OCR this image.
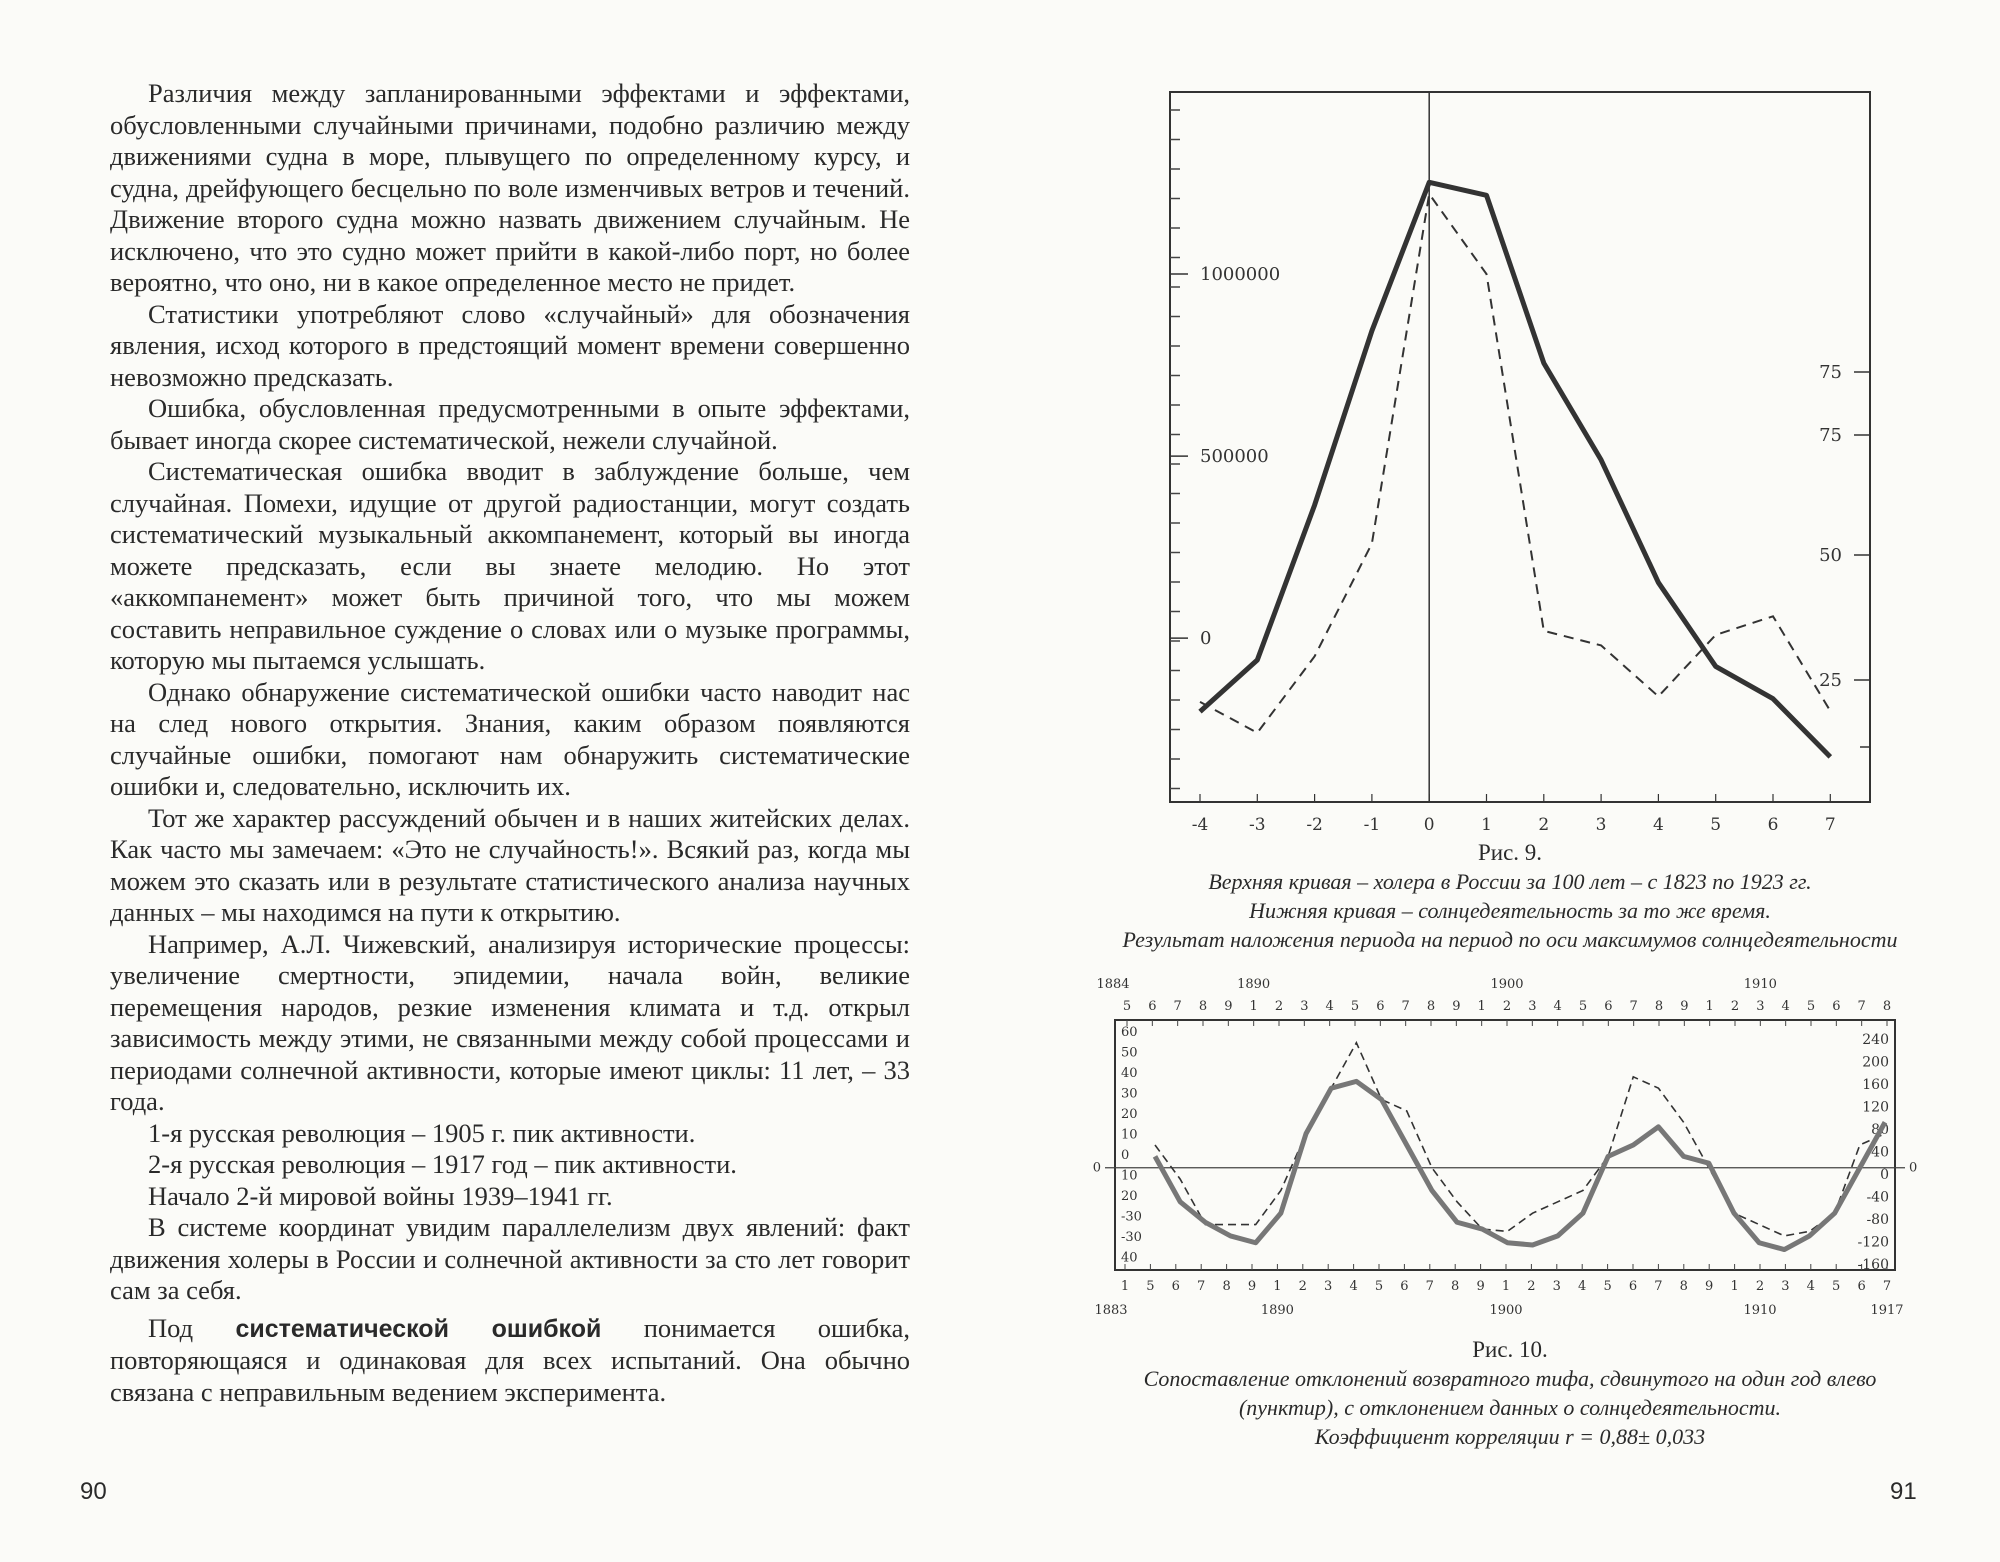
Различия между запланированными эффектами и эффектами, обусловленными случайными причинами, подобно различию между движениями судна в море, плывущего по определенному курсу, и судна, дрейфующего бесцельно по воле изменчивых ветров и течений. Движение второго судна можно назвать движением случайным. Не исключено, что это судно может прийти в какой-либо порт, но более вероятно, что оно, ни в какое определенное место не придет.

Статистики употребляют слово «случайный» для обозначения явления, исход которого в предстоящий момент времени совершенно невозможно предсказать.

Ошибка, обусловленная предусмотренными в опыте эффектами, бывает иногда скорее систематической, нежели случайной.

Систематическая ошибка вводит в заблуждение больше, чем случайная. Помехи, идущие от другой радиостанции, могут создать систематический музыкальный аккомпанемент, который вы иногда можете предсказать, если вы знаете мелодию. Но этот «аккомпанемент» может быть причиной того, что мы можем составить неправильное суждение о словах или о музыке программы, которую мы пытаемся услышать.

Однако обнаружение систематической ошибки часто наводит нас на след нового открытия. Знания, каким образом появляются случайные ошибки, помогают нам обнаружить систематические ошибки и, следовательно, исключить их.

Тот же характер рассуждений обычен и в наших житейских делах. Как часто мы замечаем: «Это не случайность!». Всякий раз, когда мы можем это сказать или в результате статистического анализа научных данных – мы находимся на пути к открытию.

Например, А.Л. Чижевский, анализируя исторические процессы: увеличение смертности, эпидемии, начала войн, великие перемещения народов, резкие изменения климата и т.д. открыл зависимость между этими, не связанными между собой процессами и периодами солнечной активности, которые имеют циклы: 11 лет, – 33 года.

1-я русская революция – 1905 г. пик активности.

2-я русская революция – 1917 год – пик активности.

Начало 2-й мировой войны 1939–1941 гг.

В системе координат увидим параллелелизм двух явлений: факт движения холеры в России и солнечной активности за сто лет говорит сам за себя.

Под систематической ошибкой понимается ошибка, повторяющаяся и одинаковая для всех испытаний. Она обычно связана с неправильным ведением эксперимента.

90
1000000
500000
0
75
75
50
25
-4 -3 -2 -1	0	1	2	3	4	5	6	7
Рис. 9.
Верхняя кривая – холера в России за 100 лет – с 1823 по 1923 гг.
Нижняя кривая – солнцедеятельность за то же время.
Результат наложения периода на период по оси максимумов солнцедеятельности
0	0
60
50
40
30
20
10
0
10
20
-30
-30
40
240
200
160
120
80
40
0
-40
-80
-120
-160
5 6 7 8 9 1 2 3 4 5 6 7 8 9 1 2 3 4 5 6 7 8 9 1 2 3 4 5 6 7 8
1884	1890	1900	1910
1 5 6 7 8 9 1 2 3 4 5 6 7 8 9 1 2 3 4 5 6 7 8 9 1 2 3 4 5 6 7
1883	1890	1900	1910	1917
Рис. 10.
Сопоставление отклонений возвратного тифа, сдвинутого на один год влево
(пунктир), с отклонением данных о солнцедеятельности.
Коэффициент корреляции r = 0,88± 0,033
91
